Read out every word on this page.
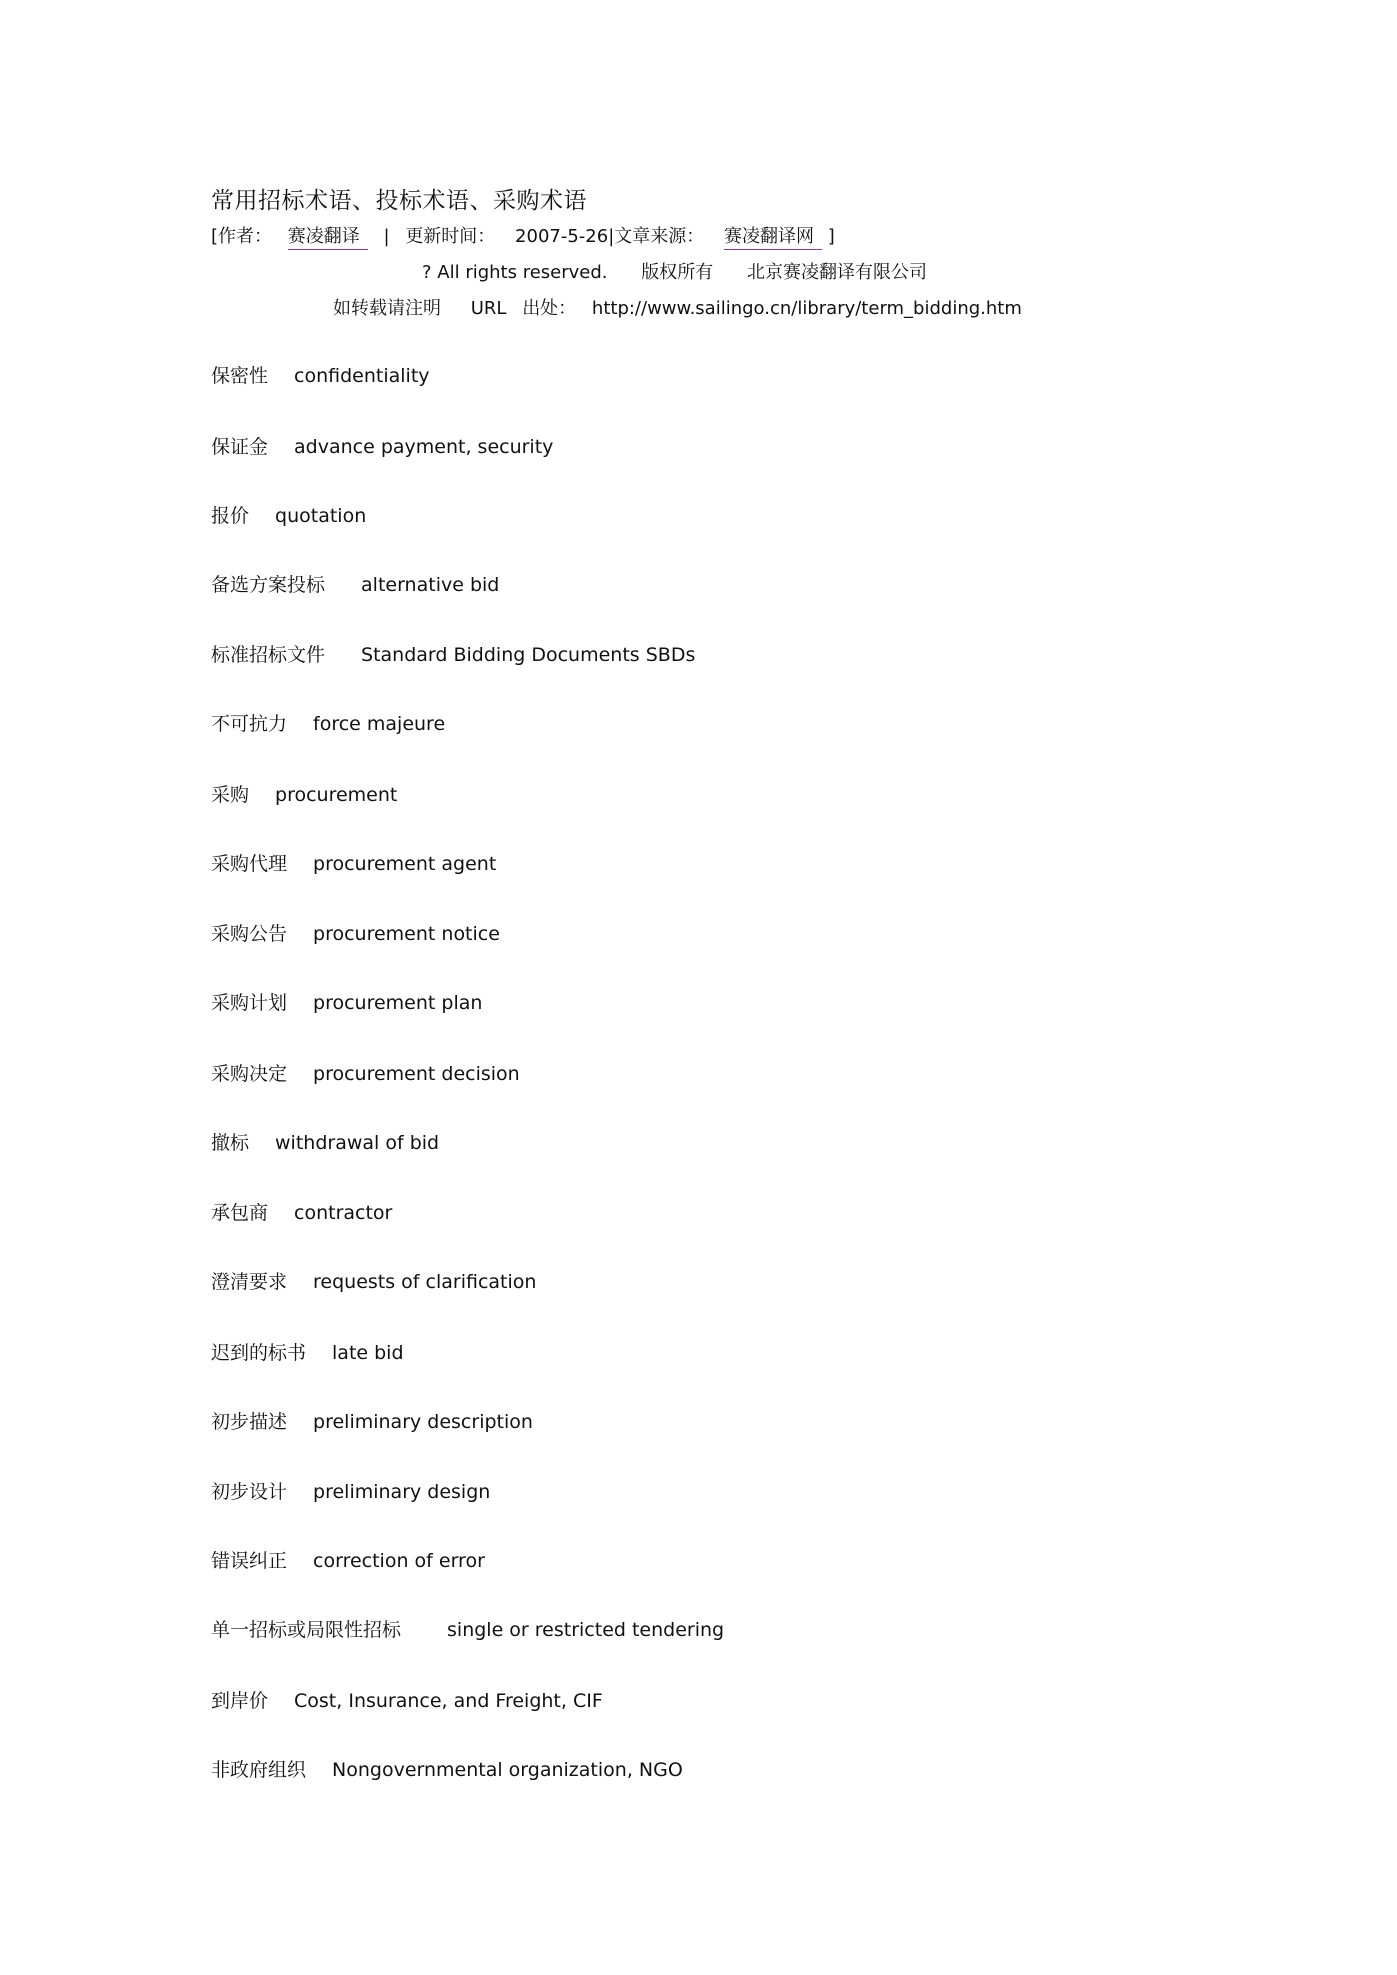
常用招标术语、投标术语、采购术语
[作者： 赛凌翻译 | 更新时间： 2007-5-26|文章来源： 赛凌翻译网 ]
? All rights reserved. 版权所有 北京赛凌翻译有限公司
如转载请注明 URL 出处： http://www.sailingo.cn/library/term_bidding.htm
保密性 confidentiality
保证金 advance payment, security
报价 quotation
备选方案投标 alternative bid
标准招标文件 Standard Bidding Documents SBDs
不可抗力 force majeure
采购 procurement
采购代理 procurement agent
采购公告 procurement notice
采购计划 procurement plan
采购决定 procurement decision
撤标 withdrawal of bid
承包商 contractor
澄清要求 requests of clarification
迟到的标书 late bid
初步描述 preliminary description
初步设计 preliminary design
错误纠正 correction of error
单一招标或局限性招标 single or restricted tendering
到岸价 Cost, Insurance, and Freight, CIF
非政府组织 Nongovernmental organization, NGO
